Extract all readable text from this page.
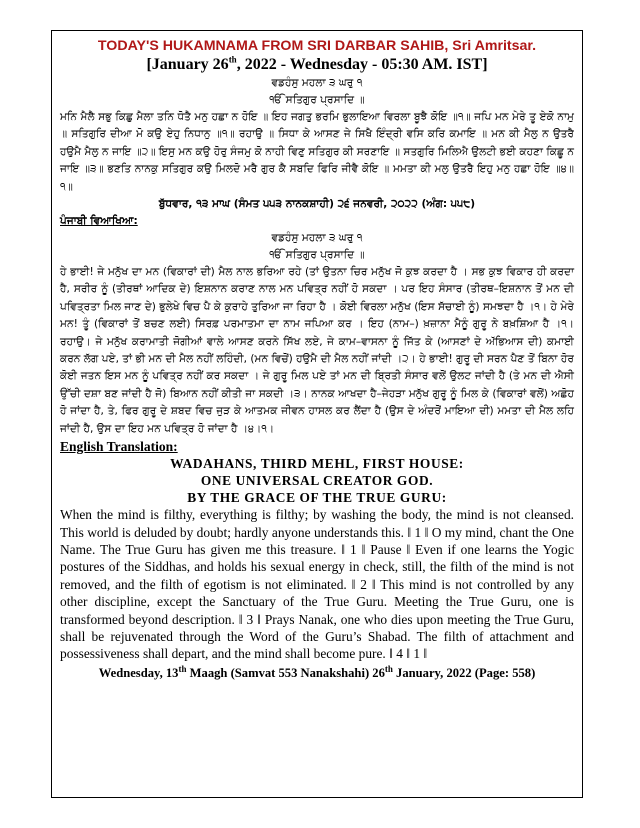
TODAY'S HUKAMNAMA FROM SRI DARBAR SAHIB, Sri Amritsar.
[January 26th, 2022 - Wednesday - 05:30 AM. IST]
ਵਡਹੰਸੁ ਮਹਲਾ ੩ ਘਰੁ ੧
ੴ ਸਤਿਗੁਰ ਪ੍ਰਸਾਦਿ ॥

ਮਨਿ ਮੈਲੈ ਸਭੁ ਕਿਛੁ ਮੈਲਾ ਤਨਿ ਧੋਤੈ ਮਨੁ ਹਛਾ ਨ ਹੋਇ ॥ ਇਹ ਜਗਤੁ ਭਰਮਿ ਭੁਲਾਇਆ ਵਿਰਲਾ ਬੂਝੈ ਕੋਇ ॥੧॥ ਜਪਿ ਮਨ ਮੇਰੇ ਤੂ ਏਕੋ ਨਾਮੁ ॥ ਸਤਿਗੁਰਿ ਦੀਆ ਮੋ ਕਉ ਏਹੁ ਨਿਧਾਨੁ ॥੧॥ ਰਹਾਉ ॥ ਸਿਧਾ ਕੇ ਆਸਣ ਜੇ ਸਿਖੈ ਇੰਦ੍ਰੀ ਵਸਿ ਕਰਿ ਕਮਾਇ ॥ ਮਨ ਕੀ ਮੈਲੁ ਨ ਉਤਰੈ ਹਉਮੈ ਮੈਲੁ ਨ ਜਾਇ ॥੨॥ ਇਸੁ ਮਨ ਕਉ ਹੋਰੁ ਸੰਜਮੁ ਕੋ ਨਾਹੀ ਵਿਣੁ ਸਤਿਗੁਰ ਕੀ ਸਰਣਾਇ ॥ ਸਤਗੁਰਿ ਮਿਲਿਐ ਉਲਟੀ ਭਈ ਕਹਣਾ ਕਿਛੂ ਨ ਜਾਇ ॥੩॥ ਭਣਤਿ ਨਾਨਕੁ ਸਤਿਗੁਰ ਕਉ ਮਿਲਦੋ ਮਰੈ ਗੁਰ ਕੈ ਸਬਦਿ ਫਿਰਿ ਜੀਵੈ ਕੋਇ ॥ ਮਮਤਾ ਕੀ ਮਲੁ ਉਤਰੈ ਇਹੁ ਮਨੁ ਹਛਾ ਹੋਇ ॥੪॥੧॥

ਬੁੱਧਵਾਰ, ੧੩ ਮਾਘ (ਸੰਮਤ ੫੫੩ ਨਾਨਕਸ਼ਾਹੀ) ੨੬ ਜਨਵਰੀ, ੨੦੨੨ (ਅੰਗ: ੫੫੮)
ਪੰਜਾਬੀ ਵਿਆਖਿਆ:
ਵਡਹੰਸੁ ਮਹਲਾ ੩ ਘਰੁ ੧
ੴ ਸਤਿਗੁਰ ਪ੍ਰਸਾਦਿ ॥

ਹੇ ਭਾਈ! ਜੇ ਮਨੁੱਖ ਦਾ ਮਨ (ਵਿਕਾਰਾਂ ਦੀ) ਮੈਲ ਨਾਲ ਭਰਿਆ ਰਹੇ (ਤਾਂ ਉਤਨਾ ਚਿਰ ਮਨੁੱਖ ਜੋ ਕੁਝ ਕਰਦਾ ਹੈ । ਸਭ ਕੁਝ ਵਿਕਾਰ ਹੀ ਕਰਦਾ ਹੈ, ਸਰੀਰ ਨੂੰ (ਤੀਰਥਾਂ ਆਦਿਕ ਦੇ) ਇਸ਼ਨਾਨ ਕਰਾਣ ਨਾਲ ਮਨ ਪਵਿਤ੍ਰ ਨਹੀਂ ਹੋ ਸਕਦਾ । ਪਰ ਇਹ ਸੰਸਾਰ (ਤੀਰਥ–ਇਸ਼ਨਾਨ ਤੋਂ ਮਨ ਦੀ ਪਵਿਤ੍ਰਤਾ ਮਿਲ ਜਾਣ ਦੇ) ਭੁਲੇਖੇ ਵਿਚ ਪੈ ਕੇ ਕੁਰਾਹੇ ਤੁਰਿਆ ਜਾ ਰਿਹਾ ਹੈ । ਕੋਈ ਵਿਰਲਾ ਮਨੁੱਖ (ਇਸ ਸੱਚਾਈ ਨੂੰ) ਸਮਝਦਾ ਹੈ ।੧। ਹੇ ਮੇਰੇ ਮਨ! ਤੂੰ (ਵਿਕਾਰਾਂ ਤੋਂ ਬਚਣ ਲਈ) ਸਿਰਫ਼ ਪਰਮਾਤਮਾ ਦਾ ਨਾਮ ਜਪਿਆ ਕਰ । ਇਹ (ਨਾਮ–) ਖ਼ਜ਼ਾਨਾ ਮੈਨੂੰ ਗੁਰੂ ਨੇ ਬਖ਼ਸ਼ਿਆ ਹੈ ।੧।ਰਹਾਉ। ਜੇ ਮਨੁੱਖ ਕਰਾਮਾਤੀ ਜੋਗੀਆਂ ਵਾਲੇ ਆਸਣ ਕਰਨੇ ਸਿੱਖ ਲਏ, ਜੇ ਕਾਮ–ਵਾਸਨਾ ਨੂੰ ਜਿੱਤ ਕੇ (ਆਸਣਾਂ ਦੇ ਅੱਭਿਆਸ ਦੀ) ਕਮਾਈ ਕਰਨ ਲੱਗ ਪਏ, ਤਾਂ ਭੀ ਮਨ ਦੀ ਮੈਲ ਨਹੀਂ ਲਹਿੰਦੀ, (ਮਨ ਵਿਚੋਂ) ਹਉਮੈ ਦੀ ਮੈਲ ਨਹੀਂ ਜਾਂਦੀ ।੨। ਹੇ ਭਾਈ! ਗੁਰੂ ਦੀ ਸਰਨ ਪੈਣ ਤੋਂ ਬਿਨਾ ਹੋਰ ਕੋਈ ਜਤਨ ਇਸ ਮਨ ਨੂੰ ਪਵਿਤ੍ਰ ਨਹੀਂ ਕਰ ਸਕਦਾ । ਜੇ ਗੁਰੂ ਮਿਲ ਪਏ ਤਾਂ ਮਨ ਦੀ ਬ੍ਰਿਤੀ ਸੰਸਾਰ ਵਲੋਂ ਉਲਟ ਜਾਂਦੀ ਹੈ (ਤੇ ਮਨ ਦੀ ਐਸੀ ਉੱਚੀ ਦਸ਼ਾ ਬਣ ਜਾਂਦੀ ਹੈ ਜੋ) ਬਿਆਨ ਨਹੀਂ ਕੀਤੀ ਜਾ ਸਕਦੀ ।੩। ਨਾਨਕ ਆਖਦਾ ਹੈ–ਜੇਹੜਾ ਮਨੁੱਖ ਗੁਰੂ ਨੂੰ ਮਿਲ ਕੇ (ਵਿਕਾਰਾਂ ਵਲੋਂ) ਅਛੋਹ ਹੋ ਜਾਂਦਾ ਹੈ, ਤੇ, ਫਿਰ ਗੁਰੂ ਦੇ ਸ਼ਬਦ ਵਿਚ ਜੁੜ ਕੇ ਆਤਮਕ ਜੀਵਨ ਹਾਸਲ ਕਰ ਲੈਂਦਾ ਹੈ (ਉਸ ਦੇ ਅੰਦਰੋਂ ਮਾਇਆ ਦੀ) ਮਮਤਾ ਦੀ ਮੈਲ ਲਹਿ ਜਾਂਦੀ ਹੈ, ਉਸ ਦਾ ਇਹ ਮਨ ਪਵਿਤ੍ਰ ਹੋ ਜਾਂਦਾ ਹੈ ।੪।੧।

English Translation:
WADAHANS, THIRD MEHL, FIRST HOUSE:
ONE UNIVERSAL CREATOR GOD.
BY THE GRACE OF THE TRUE GURU:

When the mind is filthy, everything is filthy; by washing the body, the mind is not cleansed. This world is deluded by doubt; hardly anyone understands this. ‖ 1 ‖ O my mind, chant the One Name. The True Guru has given me this treasure. ‖ 1 ‖ Pause ‖ Even if one learns the Yogic postures of the Siddhas, and holds his sexual energy in check, still, the filth of the mind is not removed, and the filth of egotism is not eliminated. ‖ 2 ‖ This mind is not controlled by any other discipline, except the Sanctuary of the True Guru. Meeting the True Guru, one is transformed beyond description. ‖ 3 ‖ Prays Nanak, one who dies upon meeting the True Guru, shall be rejuvenated through the Word of the Guru’s Shabad. The filth of attachment and possessiveness shall depart, and the mind shall become pure. ‖ 4 ‖ 1 ‖

Wednesday, 13th Maagh (Samvat 553 Nanakshahi) 26th January, 2022 (Page: 558)
